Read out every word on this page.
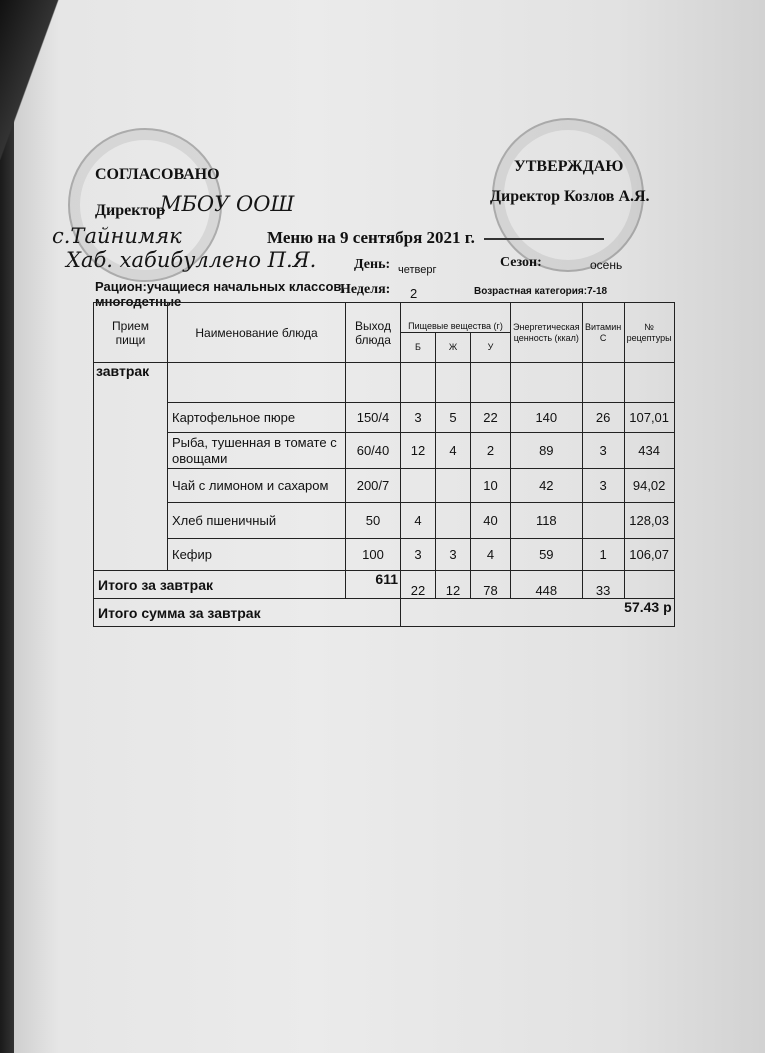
СОГЛАСОВАНО	УТВЕРЖДАЮ
Директор
МБОУ ООШ	Директор Козлов А.Я.
Меню на 9 сентября 2021 г.
с.Тайнимяк
Хаб. хабибуллено П.Я.	День: четверг	Сезон:	осень
Рацион:учащиеся начальных классов,
многодетные
Неделя: 2	Возрастная категория:7-18
Прием пищи	Наименование блюда	Выход блюда	Пищевые вещества (г)			Энергетическая ценность (ккал)	Витамин С	№ рецептуры
			Б	Ж	У			
завтрак								
	Картофельное пюре	150/4	3	5	22	140	26	107,01
	Рыба, тушенная в томате с овощами	60/40	12	4	2	89	3	434
	Чай с лимоном и сахаром	200/7			10	42	3	94,02
	Хлеб пшеничный	50	4		40	118		128,03
	Кефир	100	3	3	4	59	1	106,07
Итого за завтрак		611	22	12	78	448	33	
Итого сумма за завтрак			57.43 р					
